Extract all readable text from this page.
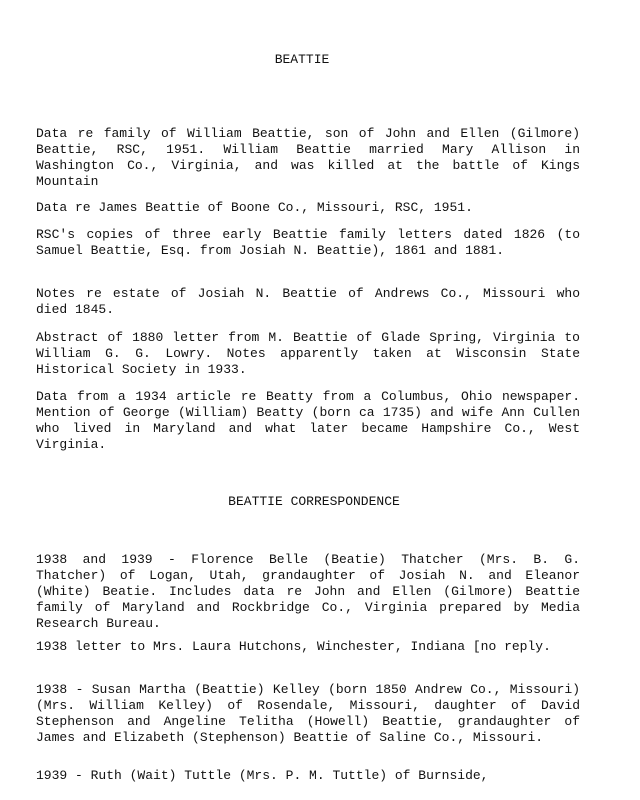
BEATTIE

Data re family of William Beattie, son of John and Ellen (Gilmore) Beattie, RSC, 1951. William Beattie married Mary Allison in Washington Co., Virginia, and was killed at the battle of Kings Mountain

Data re James Beattie of Boone Co., Missouri, RSC, 1951.

RSC's copies of three early Beattie family letters dated 1826 (to Samuel Beattie, Esq. from Josiah N. Beattie), 1861 and 1881.

Notes re estate of Josiah N. Beattie of Andrews Co., Missouri who died 1845.

Abstract of 1880 letter from M. Beattie of Glade Spring, Virginia to William G. G. Lowry. Notes apparently taken at Wisconsin State Historical Society in 1933.

Data from a 1934 article re Beatty from a Columbus, Ohio newspaper. Mention of George (William) Beatty (born ca 1735) and wife Ann Cullen who lived in Maryland and what later became Hampshire Co., West Virginia.

BEATTIE CORRESPONDENCE

1938 and 1939 - Florence Belle (Beatie) Thatcher (Mrs. B. G. Thatcher) of Logan, Utah, grandaughter of Josiah N. and Eleanor (White) Beatie. Includes data re John and Ellen (Gilmore) Beattie family of Maryland and Rockbridge Co., Virginia prepared by Media Research Bureau.

1938 letter to Mrs. Laura Hutchons, Winchester, Indiana [no reply.

1938 - Susan Martha (Beattie) Kelley (born 1850 Andrew Co., Missouri) (Mrs. William Kelley) of Rosendale, Missouri, daughter of David Stephenson and Angeline Telitha (Howell) Beattie, grandaughter of James and Elizabeth (Stephenson) Beattie of Saline Co., Missouri.

1939 - Ruth (Wait) Tuttle (Mrs. P. M. Tuttle) of Burnside,
